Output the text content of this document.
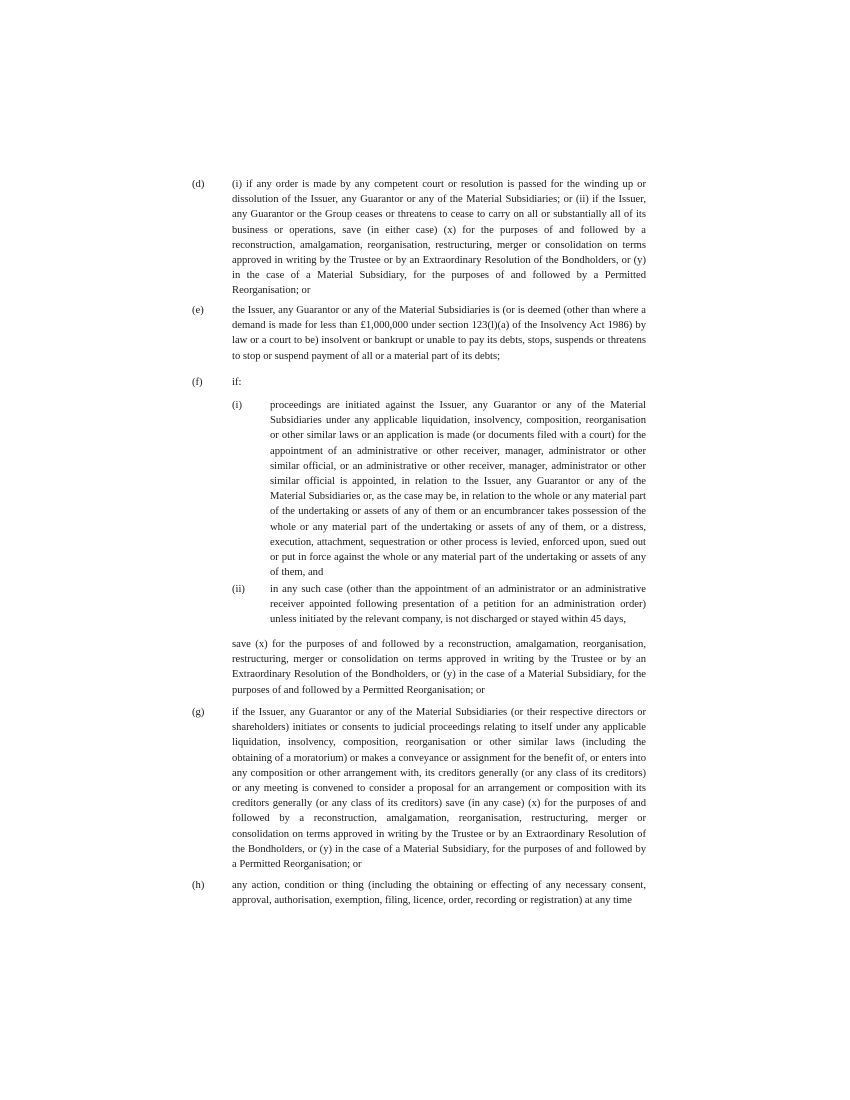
(d)	(i) if any order is made by any competent court or resolution is passed for the winding up or dissolution of the Issuer, any Guarantor or any of the Material Subsidiaries; or (ii) if the Issuer, any Guarantor or the Group ceases or threatens to cease to carry on all or substantially all of its business or operations, save (in either case) (x) for the purposes of and followed by a reconstruction, amalgamation, reorganisation, restructuring, merger or consolidation on terms approved in writing by the Trustee or by an Extraordinary Resolution of the Bondholders, or (y) in the case of a Material Subsidiary, for the purposes of and followed by a Permitted Reorganisation; or
(e)	the Issuer, any Guarantor or any of the Material Subsidiaries is (or is deemed (other than where a demand is made for less than £1,000,000 under section 123(l)(a) of the Insolvency Act 1986) by law or a court to be) insolvent or bankrupt or unable to pay its debts, stops, suspends or threatens to stop or suspend payment of all or a material part of its debts;
(f)	if:
(i)	proceedings are initiated against the Issuer, any Guarantor or any of the Material Subsidiaries under any applicable liquidation, insolvency, composition, reorganisation or other similar laws or an application is made (or documents filed with a court) for the appointment of an administrative or other receiver, manager, administrator or other similar official, or an administrative or other receiver, manager, administrator or other similar official is appointed, in relation to the Issuer, any Guarantor or any of the Material Subsidiaries or, as the case may be, in relation to the whole or any material part of the undertaking or assets of any of them or an encumbrancer takes possession of the whole or any material part of the undertaking or assets of any of them, or a distress, execution, attachment, sequestration or other process is levied, enforced upon, sued out or put in force against the whole or any material part of the undertaking or assets of any of them, and
(ii) in any such case (other than the appointment of an administrator or an administrative receiver appointed following presentation of a petition for an administration order) unless initiated by the relevant company, is not discharged or stayed within 45 days,
save (x) for the purposes of and followed by a reconstruction, amalgamation, reorganisation, restructuring, merger or consolidation on terms approved in writing by the Trustee or by an Extraordinary Resolution of the Bondholders, or (y) in the case of a Material Subsidiary, for the purposes of and followed by a Permitted Reorganisation; or
(g)	if the Issuer, any Guarantor or any of the Material Subsidiaries (or their respective directors or shareholders) initiates or consents to judicial proceedings relating to itself under any applicable liquidation, insolvency, composition, reorganisation or other similar laws (including the obtaining of a moratorium) or makes a conveyance or assignment for the benefit of, or enters into any composition or other arrangement with, its creditors generally (or any class of its creditors) or any meeting is convened to consider a proposal for an arrangement or composition with its creditors generally (or any class of its creditors) save (in any case) (x) for the purposes of and followed by a reconstruction, amalgamation, reorganisation, restructuring, merger or consolidation on terms approved in writing by the Trustee or by an Extraordinary Resolution of the Bondholders, or (y) in the case of a Material Subsidiary, for the purposes of and followed by a Permitted Reorganisation; or
(h)	any action, condition or thing (including the obtaining or effecting of any necessary consent, approval, authorisation, exemption, filing, licence, order, recording or registration) at any time
